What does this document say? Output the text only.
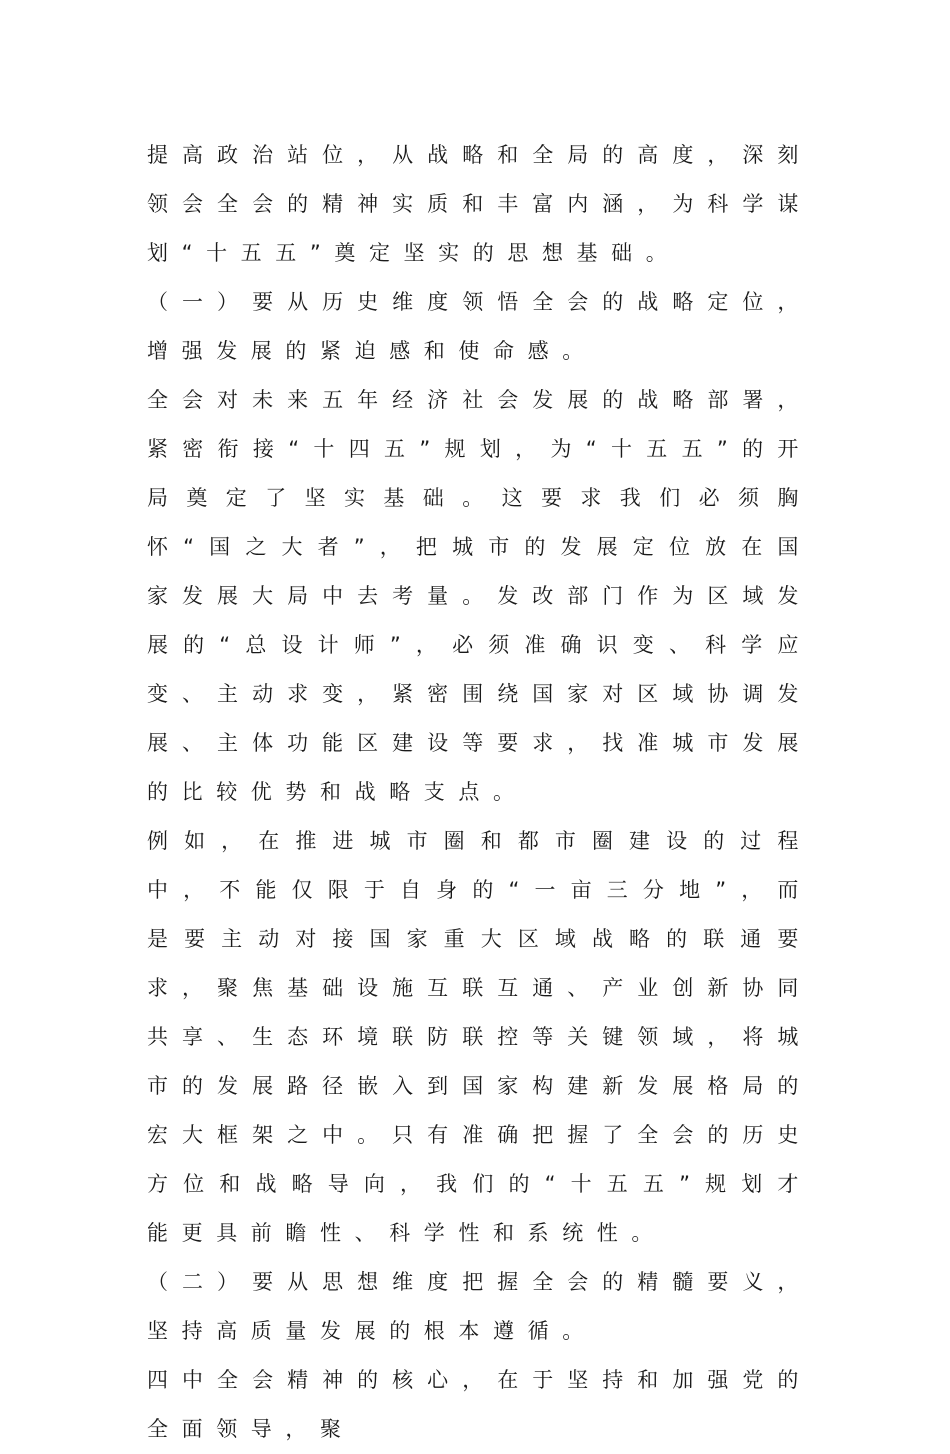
提高政治站位，从战略和全局的高度，深刻领会全会的精神实质和丰富内涵，为科学谋划“十五五”奠定坚实的思想基础。

（一）要从历史维度领悟全会的战略定位，增强发展的紧迫感和使命感。

全会对未来五年经济社会发展的战略部署，紧密衔接“十四五”规划，为“十五五”的开局奠定了坚实基础。这要求我们必须胸怀“国之大者”，把城市的发展定位放在国家发展大局中去考量。发改部门作为区域发展的“总设计师”，必须准确识变、科学应变、主动求变，紧密围绕国家对区域协调发展、主体功能区建设等要求，找准城市发展的比较优势和战略支点。

例如，在推进城市圈和都市圈建设的过程中，不能仅限于自身的“一亩三分地”，而是要主动对接国家重大区域战略的联通要求，聚焦基础设施互联互通、产业创新协同共享、生态环境联防联控等关键领域，将城市的发展路径嵌入到国家构建新发展格局的宏大框架之中。只有准确把握了全会的历史方位和战略导向，我们的“十五五”规划才能更具前瞻性、科学性和系统性。

（二）要从思想维度把握全会的精髓要义，坚持高质量发展的根本遵循。

四中全会精神的核心，在于坚持和加强党的全面领导，聚
